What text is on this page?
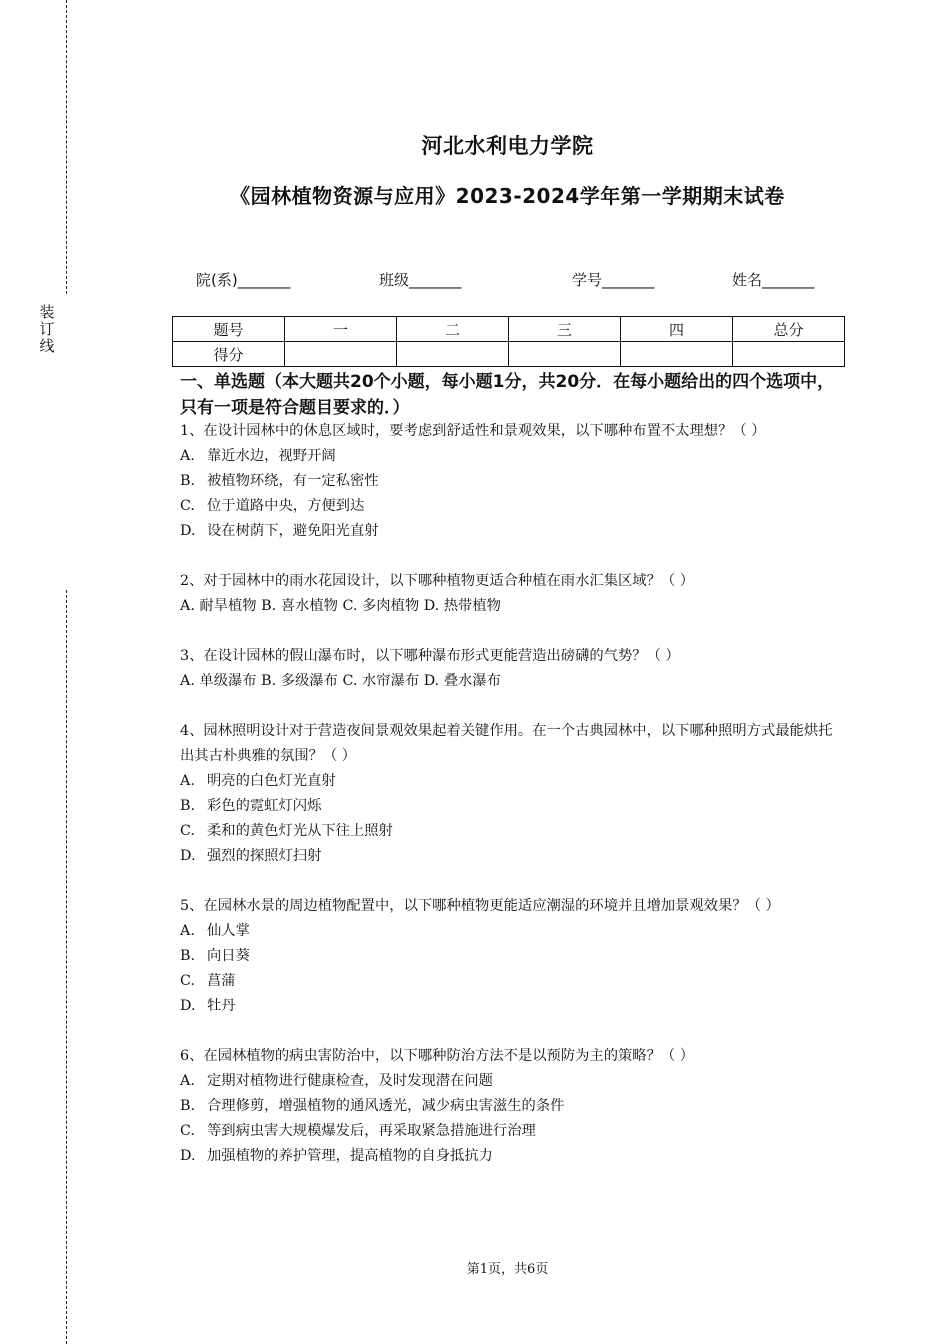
装
订
线
河北水利电力学院
《园林植物资源与应用》2023-2024学年第一学期期末试卷
院(系)_______	班级_______	学号_______	姓名_______
题号	一	二	三	四	总分
得分					
一、单选题（本大题共20个小题，每小题1分，共20分．在每小题给出的四个选项中，只有一项是符合题目要求的．）

1、在设计园林中的休息区域时，要考虑到舒适性和景观效果，以下哪种布置不太理想？（ ）

A. 靠近水边，视野开阔
B. 被植物环绕，有一定私密性
C. 位于道路中央，方便到达
D. 设在树荫下，避免阳光直射

2、对于园林中的雨水花园设计，以下哪种植物更适合种植在雨水汇集区域？（ ）

A. 耐旱植物 B. 喜水植物 C. 多肉植物 D. 热带植物

3、在设计园林的假山瀑布时，以下哪种瀑布形式更能营造出磅礴的气势？（ ）

A. 单级瀑布 B. 多级瀑布 C. 水帘瀑布 D. 叠水瀑布

4、园林照明设计对于营造夜间景观效果起着关键作用。在一个古典园林中，以下哪种照明方式最能烘托出其古朴典雅的氛围？（ ）

A. 明亮的白色灯光直射
B. 彩色的霓虹灯闪烁
C. 柔和的黄色灯光从下往上照射
D. 强烈的探照灯扫射

5、在园林水景的周边植物配置中，以下哪种植物更能适应潮湿的环境并且增加景观效果？（ ）

A. 仙人掌
B. 向日葵
C. 菖蒲
D. 牡丹

6、在园林植物的病虫害防治中，以下哪种防治方法不是以预防为主的策略？（ ）

A. 定期对植物进行健康检查，及时发现潜在问题
B. 合理修剪，增强植物的通风透光，减少病虫害滋生的条件
C. 等到病虫害大规模爆发后，再采取紧急措施进行治理
D. 加强植物的养护管理，提高植物的自身抵抗力
第1页，共6页
